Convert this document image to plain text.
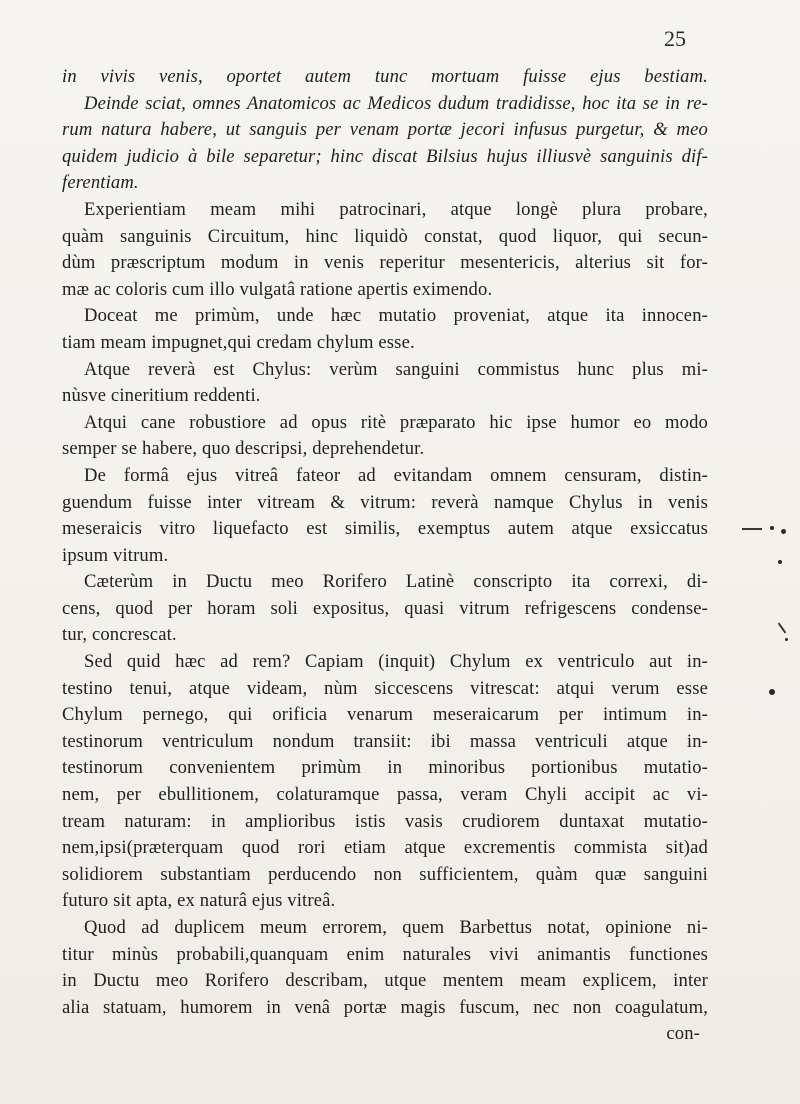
25
in vivis venis, oportet autem tunc mortuam fuisse ejus bestiam.
Deinde sciat, omnes Anatomicos ac Medicos dudum tradidisse, hoc ita se in re-
rum natura habere, ut sanguis per venam portæ jecori infusus purgetur, & meo
quidem judicio à bile separetur; hinc discat Bilsius hujus illiusvè sanguinis dif-
ferentiam.
Experientiam meam mihi patrocinari, atque longè plura probare,
quàm sanguinis Circuitum, hinc liquidò constat, quod liquor, qui secun-
dùm præscriptum modum in venis reperitur mesentericis, alterius sit for-
mæ ac coloris cum illo vulgatâ ratione apertis eximendo.
Doceat me primùm, unde hæc mutatio proveniat, atque ita innocen-
tiam meam impugnet,qui credam chylum esse.
Atque reverà est Chylus: verùm sanguini commistus hunc plus mi-
nùsve cineritium reddenti.
Atqui cane robustiore ad opus ritè præparato hic ipse humor eo modo
semper se habere, quo descripsi, deprehendetur.
De formâ ejus vitreâ fateor ad evitandam omnem censuram, distin-
guendum fuisse inter vitream & vitrum: reverà namque Chylus in venis
meseraicis vitro liquefacto est similis, exemptus autem atque exsiccatus
ipsum vitrum.
Cæterùm in Ductu meo Rorifero Latinè conscripto ita correxi, di-
cens, quod per horam soli expositus, quasi vitrum refrigescens condense-
tur, concrescat.
Sed quid hæc ad rem? Capiam (inquit) Chylum ex ventriculo aut in-
testino tenui, atque videam, nùm siccescens vitrescat: atqui verum esse
Chylum pernego, qui orificia venarum meseraicarum per intimum in-
testinorum ventriculum nondum transiit: ibi massa ventriculi atque in-
testinorum convenientem primùm in minoribus portionibus mutatio-
nem, per ebullitionem, colaturamque passa, veram Chyli accipit ac vi-
tream naturam: in amplioribus istis vasis crudiorem duntaxat mutatio-
nem,ipsi(præterquam quod rori etiam atque excrementis commista sit)ad
solidiorem substantiam perducendo non sufficientem, quàm quæ sanguini
futuro sit apta, ex naturâ ejus vitreâ.
Quod ad duplicem meum errorem, quem Barbettus notat, opinione ni-
titur minùs probabili,quanquam enim naturales vivi animantis functiones
in Ductu meo Rorifero describam, utque mentem meam explicem, inter
alia statuam, humorem in venâ portæ magis fuscum, nec non coagulatum,
con-
